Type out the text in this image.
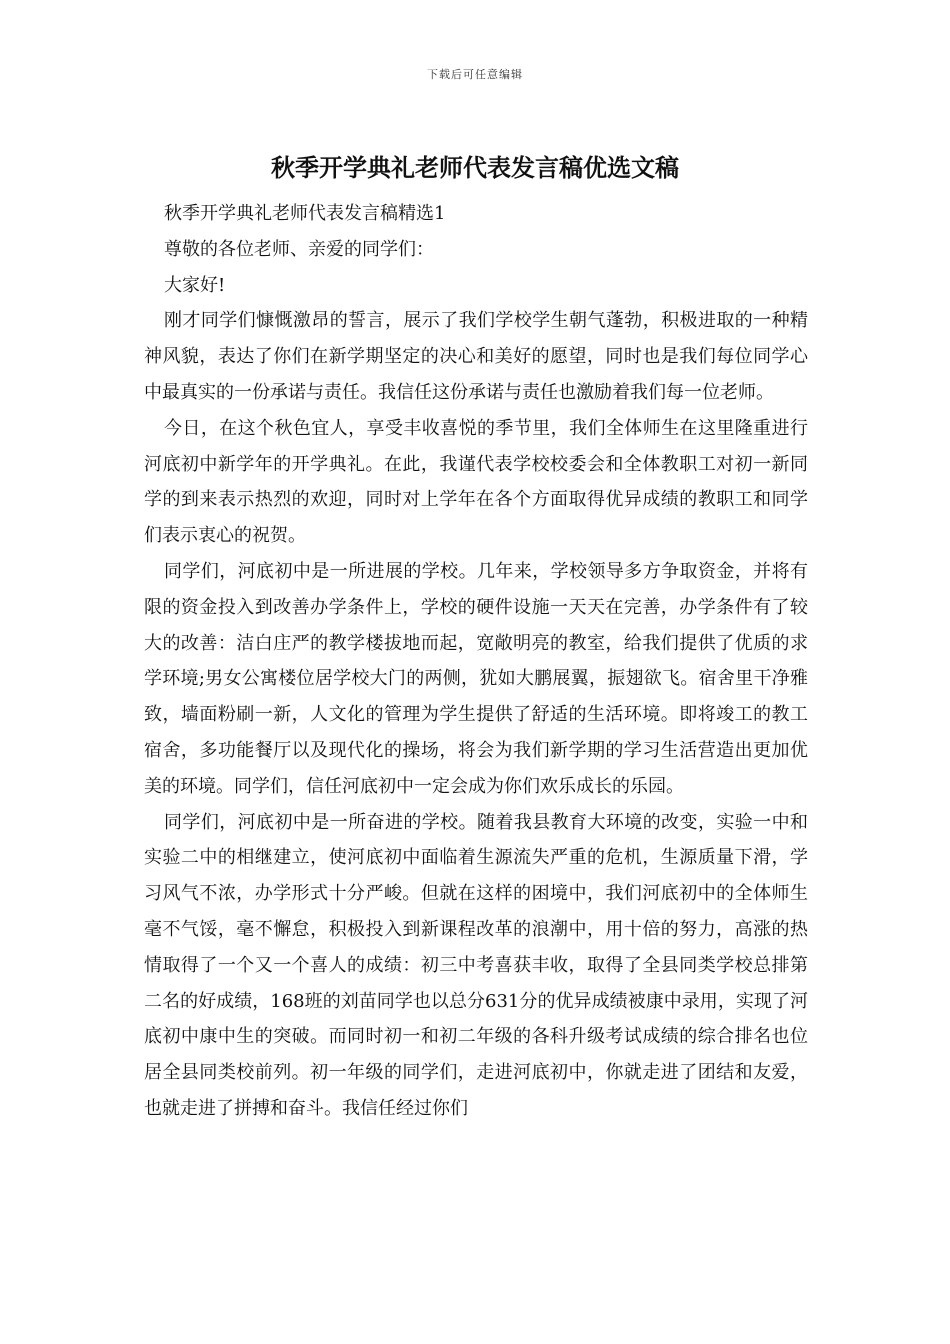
下载后可任意编辑
秋季开学典礼老师代表发言稿优选文稿

秋季开学典礼老师代表发言稿精选1

尊敬的各位老师、亲爱的同学们：

大家好!

刚才同学们慷慨激昂的誓言，展示了我们学校学生朝气蓬勃，积极进取的一种精神风貌，表达了你们在新学期坚定的决心和美好的愿望，同时也是我们每位同学心中最真实的一份承诺与责任。我信任这份承诺与责任也激励着我们每一位老师。

今日，在这个秋色宜人，享受丰收喜悦的季节里，我们全体师生在这里隆重进行河底初中新学年的开学典礼。在此，我谨代表学校校委会和全体教职工对初一新同学的到来表示热烈的欢迎，同时对上学年在各个方面取得优异成绩的教职工和同学们表示衷心的祝贺。

同学们，河底初中是一所进展的学校。几年来，学校领导多方争取资金，并将有限的资金投入到改善办学条件上，学校的硬件设施一天天在完善，办学条件有了较大的改善：洁白庄严的教学楼拔地而起，宽敞明亮的教室，给我们提供了优质的求学环境;男女公寓楼位居学校大门的两侧，犹如大鹏展翼，振翅欲飞。宿舍里干净雅致，墙面粉刷一新，人文化的管理为学生提供了舒适的生活环境。即将竣工的教工宿舍，多功能餐厅以及现代化的操场，将会为我们新学期的学习生活营造出更加优美的环境。同学们，信任河底初中一定会成为你们欢乐成长的乐园。

同学们，河底初中是一所奋进的学校。随着我县教育大环境的改变，实验一中和实验二中的相继建立，使河底初中面临着生源流失严重的危机，生源质量下滑，学习风气不浓，办学形式十分严峻。但就在这样的困境中，我们河底初中的全体师生毫不气馁，毫不懈怠，积极投入到新课程改革的浪潮中，用十倍的努力，高涨的热情取得了一个又一个喜人的成绩：初三中考喜获丰收，取得了全县同类学校总排第二名的好成绩，168班的刘苗同学也以总分631分的优异成绩被康中录用，实现了河底初中康中生的突破。而同时初一和初二年级的各科升级考试成绩的综合排名也位居全县同类校前列。初一年级的同学们，走进河底初中，你就走进了团结和友爱，也就走进了拼搏和奋斗。我信任经过你们
